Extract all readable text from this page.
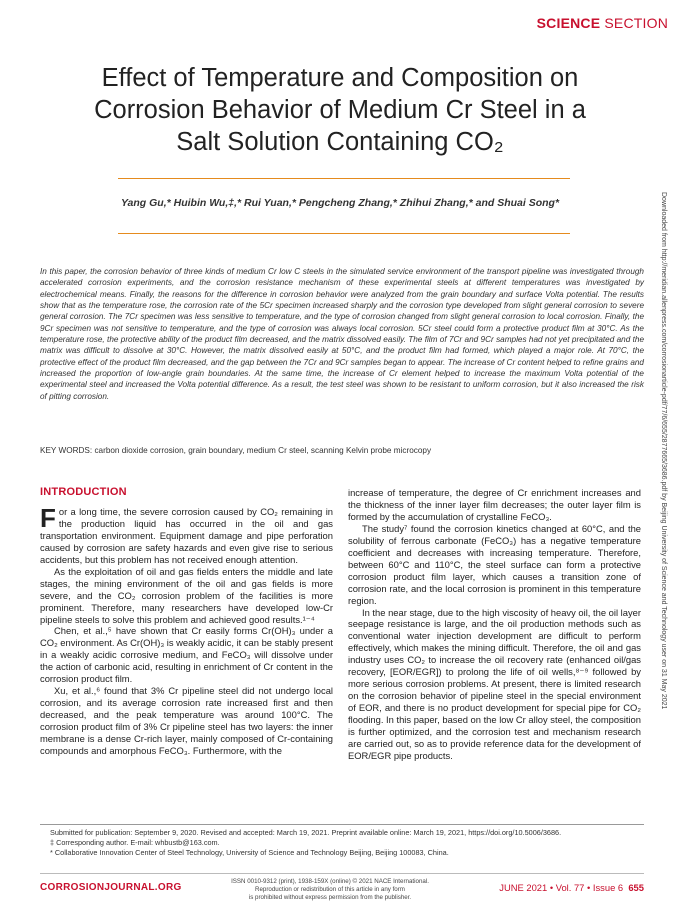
SCIENCE SECTION
Effect of Temperature and Composition on
Corrosion Behavior of Medium Cr Steel in a
Salt Solution Containing CO₂
Yang Gu,* Huibin Wu,‡,* Rui Yuan,* Pengcheng Zhang,* Zhihui Zhang,* and Shuai Song*	Downloaded from http://meridian.allenpress.com/corrosionarticle-pdf/77/6/655/2877665/3686.pdf by Beijing University of Science and Technology user on 31 May 2021
In this paper, the corrosion behavior of three kinds of medium Cr low C steels in the simulated service environment of the transport pipeline was investigated through accelerated corrosion experiments, and the corrosion resistance mechanism of these experimental steels at different temperatures was investigated by electrochemical means. Finally, the reasons for the difference in corrosion behavior were analyzed from the grain boundary and surface Volta potential. The results show that as the temperature rose, the corrosion rate of the 5Cr specimen increased sharply and the corrosion type developed from slight general corrosion to severe general corrosion. The 7Cr specimen was less sensitive to temperature, and the type of corrosion changed from slight general corrosion to local corrosion. Finally, the 9Cr specimen was not sensitive to temperature, and the type of corrosion was always local corrosion. 5Cr steel could form a protective product film at 30°C. As the temperature rose, the protective ability of the product film decreased, and the matrix dissolved easily. The film of 7Cr and 9Cr samples had not yet precipitated and the matrix was difficult to dissolve at 30°C. However, the matrix dissolved easily at 50°C, and the product film had formed, which played a major role. At 70°C, the protective effect of the product film decreased, and the gap between the 7Cr and 9Cr samples began to appear. The increase of Cr content helped to refine grains and increased the proportion of low-angle grain boundaries. At the same time, the increase of Cr element helped to increase the maximum Volta potential of the experimental steel and increased the Volta potential difference. As a result, the test steel was shown to be resistant to uniform corrosion, but it also increased the risk of pitting corrosion.
KEY WORDS: carbon dioxide corrosion, grain boundary, medium Cr steel, scanning Kelvin probe microcopy
INTRODUCTION

For a long time, the severe corrosion caused by CO₂ remaining in the production liquid has occurred in the oil and gas transportation environment. Equipment damage and pipe perforation caused by corrosion are safety hazards and even give rise to serious accidents, but this problem has not received enough attention.

As the exploitation of oil and gas fields enters the middle and late stages, the mining environment of the oil and gas fields is more severe, and the CO₂ corrosion problem of the facilities is more prominent. Therefore, many researchers have developed low-Cr pipeline steels to solve this problem and achieved good results.¹⁻⁴

Chen, et al.,⁵ have shown that Cr easily forms Cr(OH)₃ under a CO₂ environment. As Cr(OH)₃ is weakly acidic, it can be stably present in a weakly acidic corrosive medium, and FeCO₃ will dissolve under the action of carbonic acid, resulting in enrichment of Cr content in the corrosion product film.

Xu, et al.,⁶ found that 3% Cr pipeline steel did not undergo local corrosion, and its average corrosion rate increased first and then decreased, and the peak temperature was around 100°C. The corrosion product film of 3% Cr pipeline steel has two layers: the inner membrane is a dense Cr-rich layer, mainly composed of Cr-containing compounds and amorphous FeCO₃. Furthermore, with the

increase of temperature, the degree of Cr enrichment increases and the thickness of the inner layer film decreases; the outer layer film is formed by the accumulation of crystalline FeCO₃.

The study⁷ found the corrosion kinetics changed at 60°C, and the solubility of ferrous carbonate (FeCO₃) has a negative temperature coefficient and decreases with increasing temperature. Therefore, between 60°C and 110°C, the steel surface can form a protective corrosion product film layer, which causes a transition zone of corrosion rate, and the local corrosion is prominent in this temperature region.

In the near stage, due to the high viscosity of heavy oil, the oil layer seepage resistance is large, and the oil production methods such as conventional water injection development are difficult to perform effectively, which makes the mining difficult. Therefore, the oil and gas industry uses CO₂ to increase the oil recovery rate (enhanced oil/gas recovery, [EOR/EGR]) to prolong the life of oil wells,⁸⁻⁹ followed by more serious corrosion problems. At present, there is limited research on the corrosion behavior of pipeline steel in the special environment of EOR, and there is no product development for special pipe for CO₂ flooding. In this paper, based on the low Cr alloy steel, the composition is further optimized, and the corrosion test and mechanism research are carried out, so as to provide reference data for the development of EOR/EGR pipe products.

Submitted for publication: September 9, 2020. Revised and accepted: March 19, 2021. Preprint available online: March 19, 2021, https://doi.org/10.5006/3686.
‡ Corresponding author. E-mail: whbustb@163.com.
* Collaborative Innovation Center of Steel Technology, University of Science and Technology Beijing, Beijing 100083, China.
CORROSIONJOURNAL.ORG
ISSN 0010-9312 (print), 1938-159X (online) © 2021 NACE International.
Reproduction or redistribution of this article in any form
is prohibited without express permission from the publisher.
JUNE 2021 • Vol. 77 • Issue 6 655
